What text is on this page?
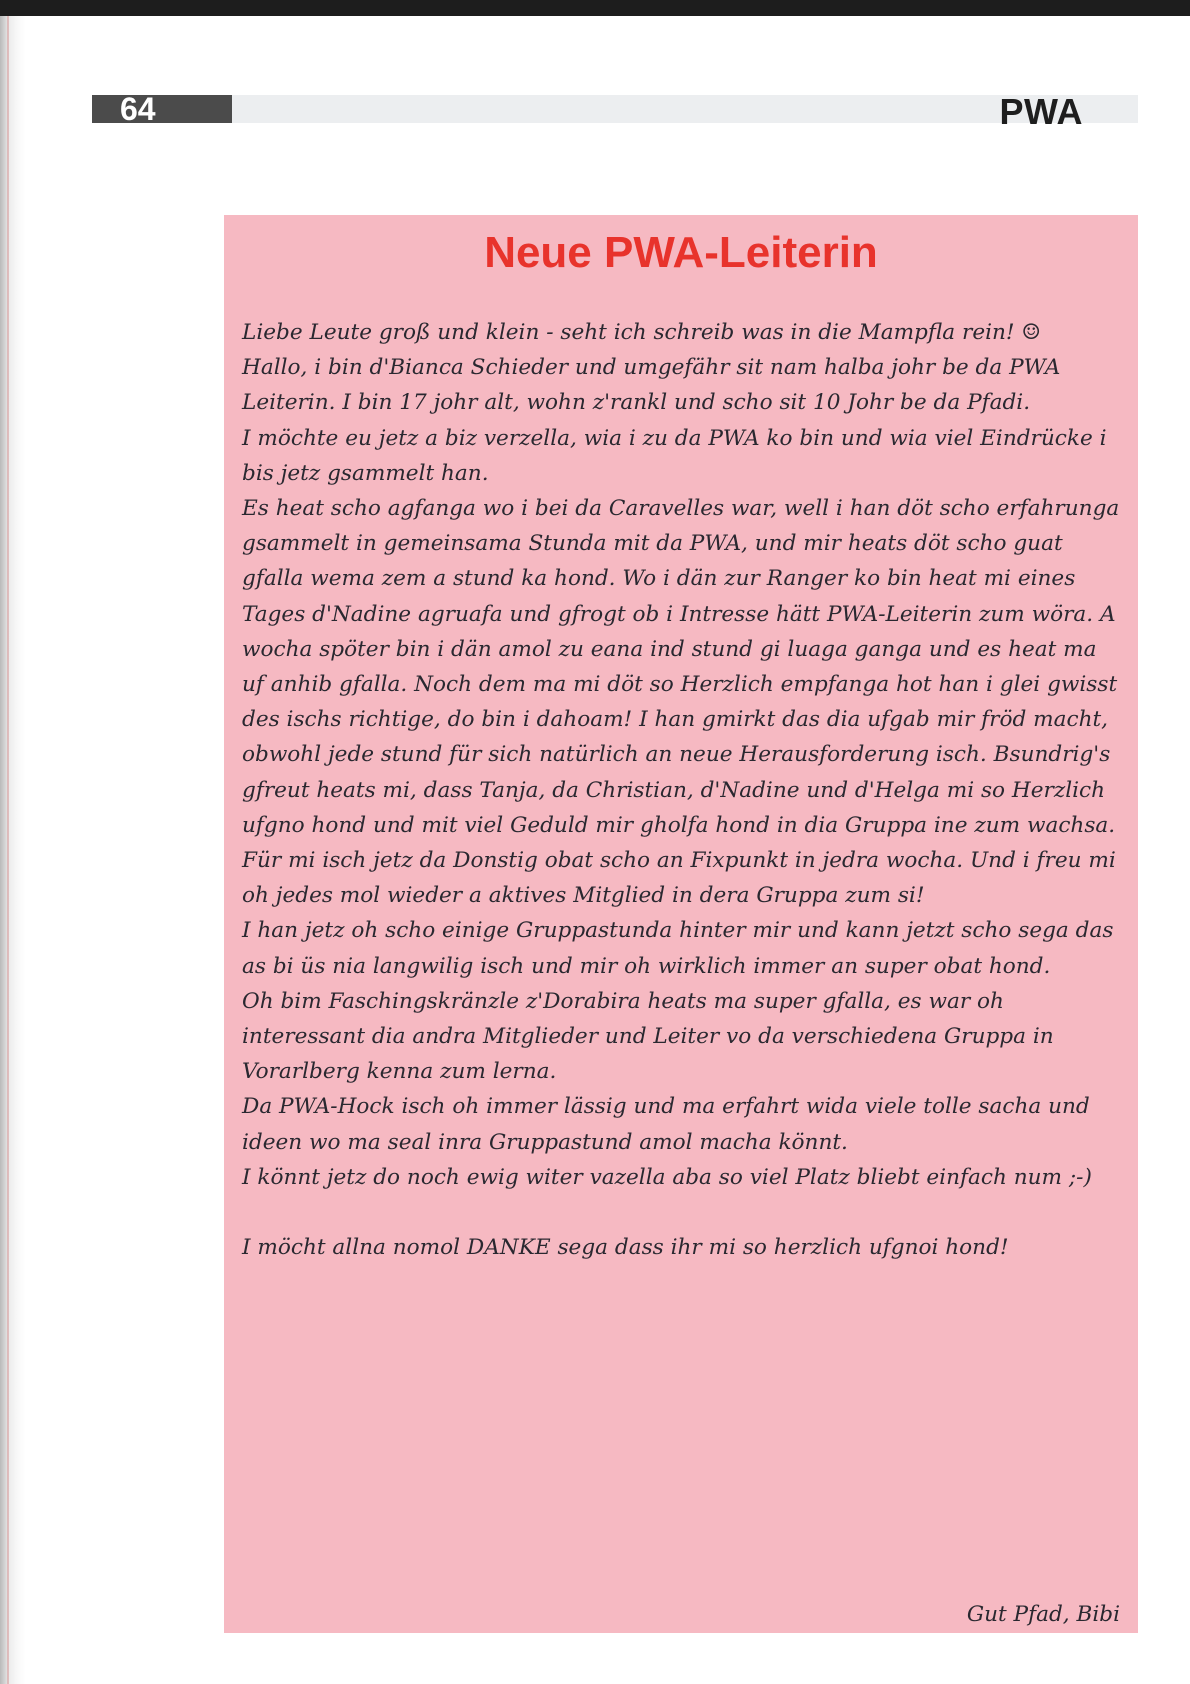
64	PWA
Neue PWA-Leiterin

Liebe Leute groß und klein - seht ich schreib was in die Mampfla rein! ☺

Hallo, i bin d'Bianca Schieder und umgefähr sit nam halba johr be da PWA Leiterin. I bin 17 johr alt, wohn z'rankl und scho sit 10 Johr be da Pfadi.

I möchte eu jetz a biz verzella, wia i zu da PWA ko bin und wia viel Eindrücke i bis jetz gsammelt han.

Es heat scho agfanga wo i bei da Caravelles war, well i han döt scho erfahrunga gsammelt in gemeinsama Stunda mit da PWA, und mir heats döt scho guat gfalla wema zem a stund ka hond. Wo i dän zur Ranger ko bin heat mi eines Tages d'Nadine agruafa und gfrogt ob i Intresse hätt PWA-Leiterin zum wöra. A wocha spöter bin i dän amol zu eana ind stund gi luaga ganga und es heat ma uf anhib gfalla. Noch dem ma mi döt so Herzlich empfanga hot han i glei gwisst des ischs richtige, do bin i dahoam! I han gmirkt das dia ufgab mir fröd macht, obwohl jede stund für sich natürlich an neue Herausforderung isch. Bsundrig's gfreut heats mi, dass Tanja, da Christian, d'Nadine und d'Helga mi so Herzlich ufgno hond und mit viel Geduld mir gholfa hond in dia Gruppa ine zum wachsa. Für mi isch jetz da Donstig obat scho an Fixpunkt in jedra wocha. Und i freu mi oh jedes mol wieder a aktives Mitglied in dera Gruppa zum si!

I han jetz oh scho einige Gruppastunda hinter mir und kann jetzt scho sega das as bi üs nia langwilig isch und mir oh wirklich immer an super obat hond.

Oh bim Faschingskränzle z'Dorabira heats ma super gfalla, es war oh interessant dia andra Mitglieder und Leiter vo da verschiedena Gruppa in Vorarlberg kenna zum lerna.

Da PWA-Hock isch oh immer lässig und ma erfahrt wida viele tolle sacha und ideen wo ma seal inra Gruppastund amol macha könnt.

I könnt jetz do noch ewig witer vazella aba so viel Platz bliebt einfach num ;-)

I möcht allna nomol DANKE sega dass ihr mi so herzlich ufgnoi hond!

Gut Pfad, Bibi
